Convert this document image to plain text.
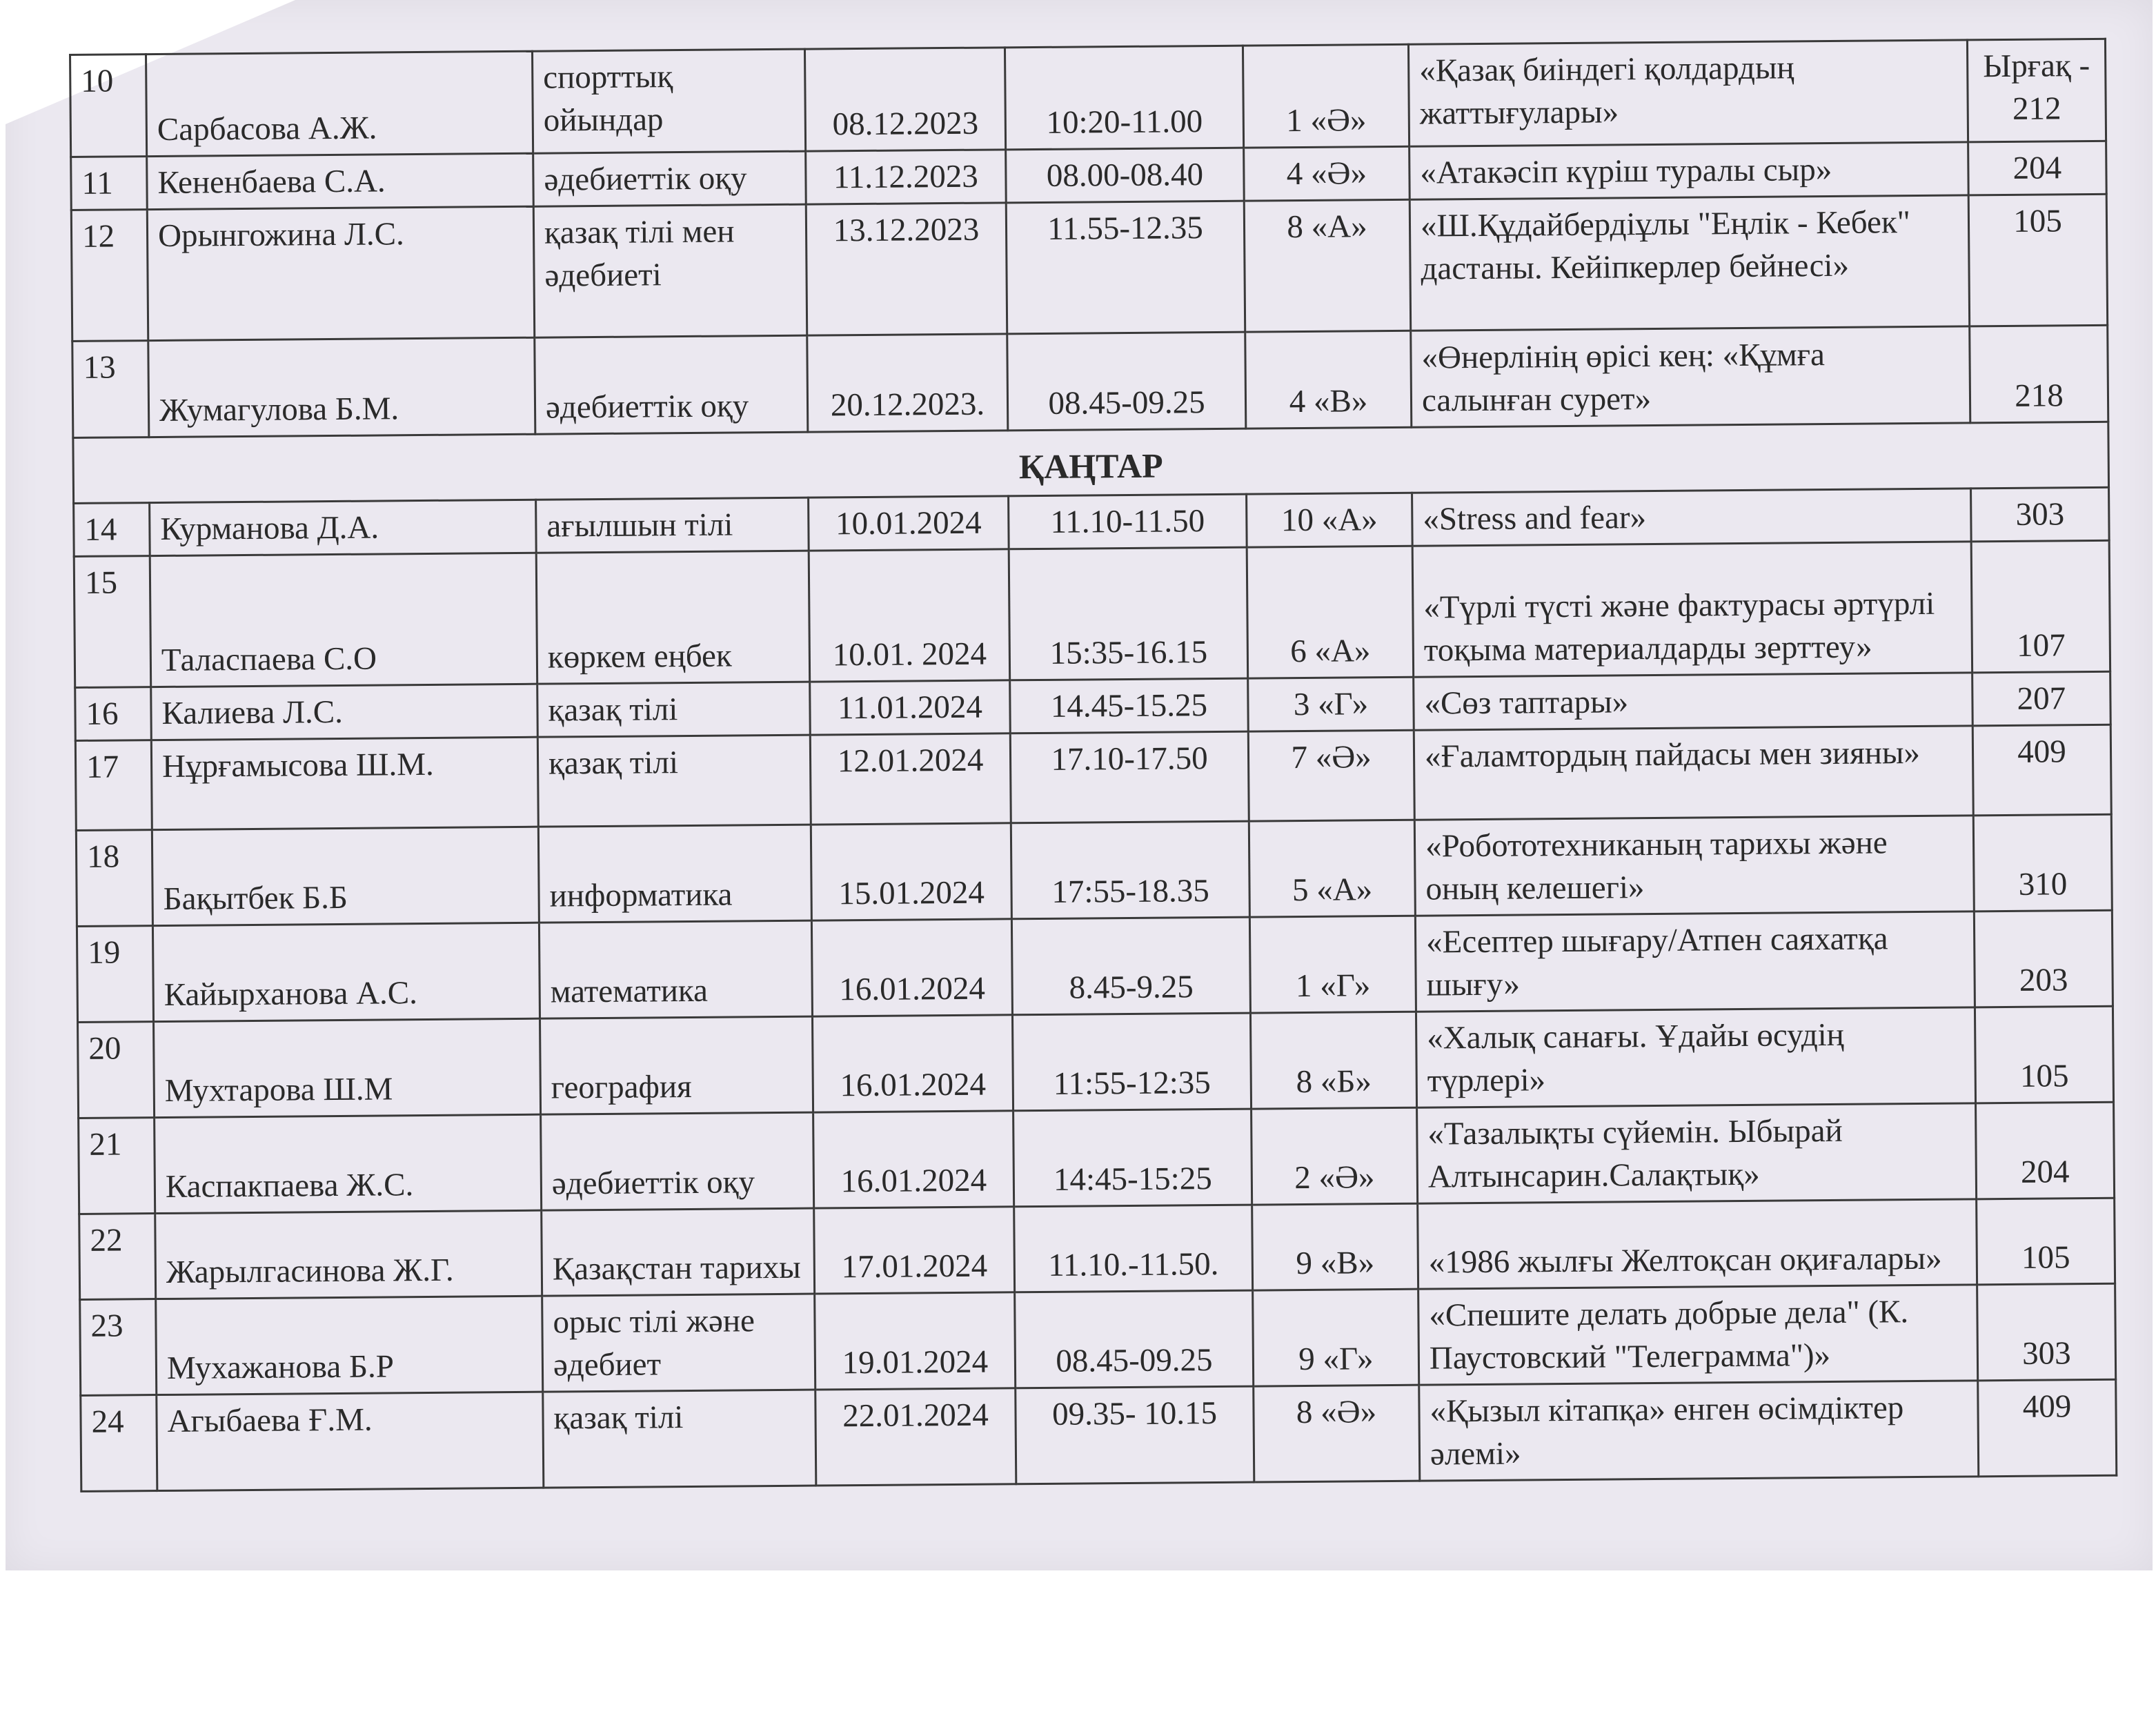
10	Сарбасова А.Ж.	спорттық ойындар	08.12.2023	10:20-11.00	1 «Ә»	«Қазақ биіндегі қолдардың жаттығулары»	Ырғақ - 212
11	Кененбаева С.А.	әдебиеттік оқу	11.12.2023	08.00-08.40	4 «Ә»	«Атакәсіп күріш туралы сыр»	204
12	Орынгожина Л.С.	қазақ тілі мен әдебиеті	13.12.2023	11.55-12.35	8 «А»	«Ш.Құдайбердіұлы "Еңлік - Кебек" дастаны. Кейіпкерлер бейнесі»	105
13	Жумагулова Б.М.	әдебиеттік оқу	20.12.2023.	08.45-09.25	4 «В»	«Өнерлінің өрісі кең: «Құмға салынған сурет»	218
ҚАҢТАР							
14	Курманова Д.А.	ағылшын тілі	10.01.2024	11.10-11.50	10 «А»	«Stress and fear»	303
15	Таласпаева С.О	көркем еңбек	10.01. 2024	15:35-16.15	6 «А»	«Түрлі түсті және фактурасы әртүрлі тоқыма материалдарды зерттеу»	107
16	Калиева Л.С.	қазақ тілі	11.01.2024	14.45-15.25	3 «Г»	«Сөз таптары»	207
17	Нұрғамысова Ш.М.	қазақ тілі	12.01.2024	17.10-17.50	7 «Ә»	«Ғаламтордың пайдасы мен зияны»	409
18	Бақытбек Б.Б	информатика	15.01.2024	17:55-18.35	5 «А»	«Робототехниканың тарихы және оның келешегі»	310
19	Кайырханова А.С.	математика	16.01.2024	8.45-9.25	1 «Г»	«Есептер шығару/Атпен саяхатқа шығу»	203
20	Мухтарова Ш.М	география	16.01.2024	11:55-12:35	8 «Б»	«Халық санағы. Ұдайы өсудің түрлері»	105
21	Каспакпаева Ж.С.	әдебиеттік оқу	16.01.2024	14:45-15:25	2 «Ә»	«Тазалықты сүйемін. Ыбырай Алтынсарин.Салақтық»	204
22	Жарылгасинова Ж.Г.	Қазақстан тарихы	17.01.2024	11.10.-11.50.	9 «В»	«1986 жылғы Желтоқсан оқиғалары»	105
23	Мухажанова Б.Р	орыс тілі және әдебиет	19.01.2024	08.45-09.25	9 «Г»	«Спешите делать добрые дела" (К. Паустовский "Телеграмма")»	303
24	Агыбаева Ғ.М.	қазақ тілі	22.01.2024	09.35- 10.15	8 «Ә»	«Қызыл кітапқа» енген өсімдіктер әлемі»	409
